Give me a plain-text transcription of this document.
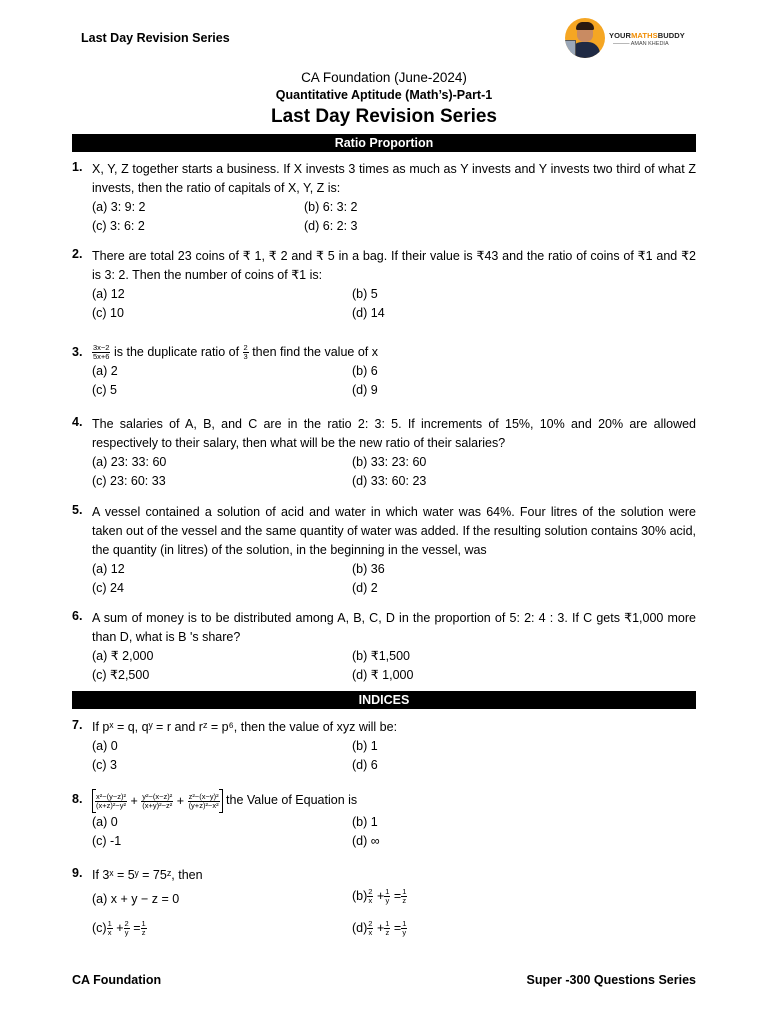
Last Day Revision Series	YOURMATHSBUDDY
——— AMAN KHEDIA
CA Foundation (June-2024)
Quantitative Aptitude (Math’s)-Part-1
Last Day Revision Series
Ratio Proportion
1. X, Y, Z together starts a business. If X invests 3 times as much as Y invests and Y invests two third of what Z invests, then the ratio of capitals of X, Y, Z is:
(a) 3: 9: 2	(b) 6: 3: 2
(c) 3: 6: 2	(d) 6: 2: 3
2. There are total 23 coins of ₹ 1, ₹ 2 and ₹ 5 in a bag. If their value is ₹43 and the ratio of coins of ₹1 and ₹2 is 3: 2. Then the number of coins of ₹1 is:
(a) 12	(b) 5
(c) 10	(d) 14
3. $\frac{3x-2}{5x+6}$ is the duplicate ratio of $\frac{2}{3}$ then find the value of x
(a) 2	(b) 6
(c) 5	(d) 9
4. The salaries of A, B, and C are in the ratio 2: 3: 5. If increments of 15%, 10% and 20% are allowed respectively to their salary, then what will be the new ratio of their salaries?
(a) 23: 33: 60	(b) 33: 23: 60
(c) 23: 60: 33	(d) 33: 60: 23
5. A vessel contained a solution of acid and water in which water was 64%. Four litres of the solution were taken out of the vessel and the same quantity of water was added. If the resulting solution contains 30% acid, the quantity (in litres) of the solution, in the beginning in the vessel, was
(a) 12	(b) 36
(c) 24	(d) 2
6. A sum of money is to be distributed among A, B, C, D in the proportion of 5: 2: 4 : 3. If C gets ₹1,000 more than D, what is B 's share?
(a) ₹ 2,000	(b) ₹1,500
(c) ₹2,500	(d) ₹ 1,000
INDICES
7. If pˣ = q, qʸ = r and rᶻ = p⁶, then the value of xyz will be:
(a) 0	(b) 1
(c) 3	(d) 6
8. $\frac{\text{x²−(y−z)²}}{\text{(x+z)²−y²}} + \frac{\text{y²−(x−z)²}}{\text{(x+y)²−z²}} + \frac{\text{z²−(x−y)²}}{\text{(y+z)²−x²}}$ the Value of Equation is
(a) 0	(b) 1
(c) -1	(d) ∞
9. If 3ˣ = 5ʸ = 75ᶻ, then
(a) x + y − z = 0	$(b) \frac{2}{x} + \frac{1}{y} = \frac{1}{z}$
$(c) \frac{1}{x} + \frac{2}{y} = \frac{1}{z}$	$(d) \frac{2}{x} + \frac{1}{z} = \frac{1}{y}$
CA Foundation	Super -300 Questions Series
